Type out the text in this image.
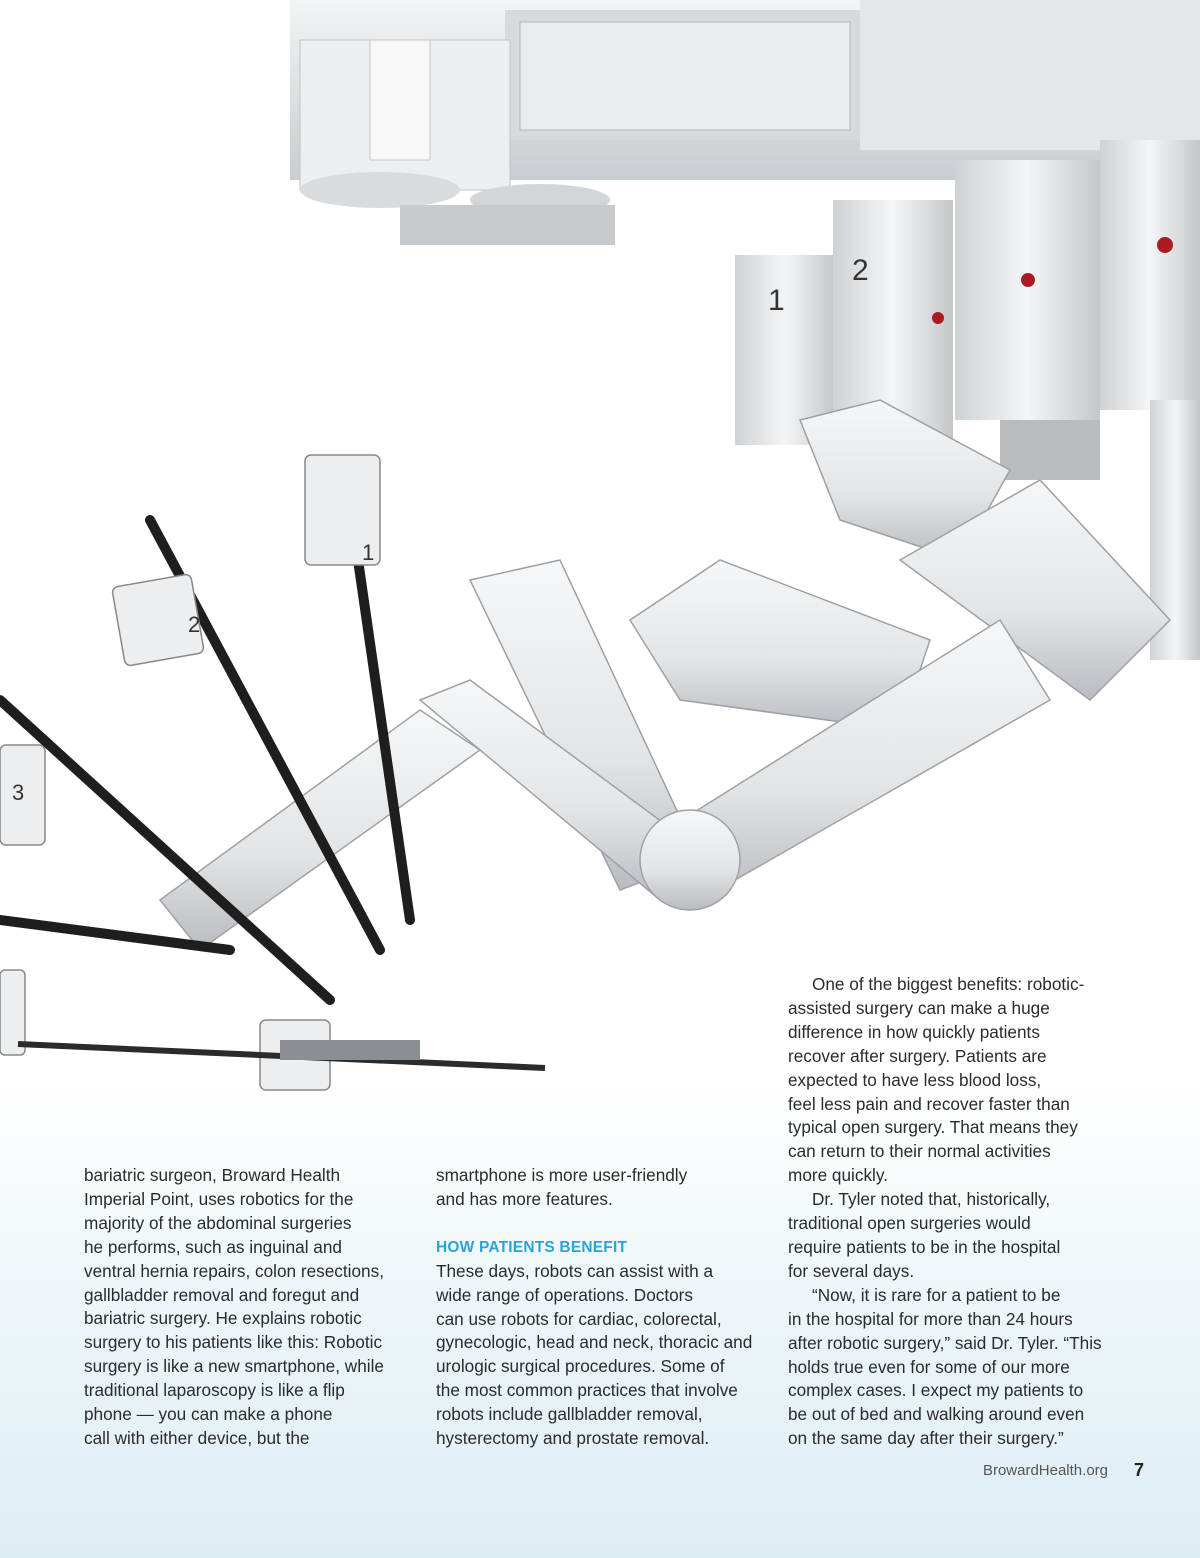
1
2
1
2
3

bariatric surgeon, Broward Health

Imperial Point, uses robotics for the

majority of the abdominal surgeries

he performs, such as inguinal and

ventral hernia repairs, colon resections,

gallbladder removal and foregut and

bariatric surgery. He explains robotic

surgery to his patients like this: Robotic

surgery is like a new smartphone, while

traditional laparoscopy is like a flip

phone — you can make a phone

call with either device, but the

smartphone is more user-friendly

and has more features.

HOW PATIENTS BENEFIT

These days, robots can assist with a

wide range of operations. Doctors

can use robots for cardiac, colorectal,

gynecologic, head and neck, thoracic and

urologic surgical procedures. Some of

the most common practices that involve

robots include gallbladder removal,

hysterectomy and prostate removal.

One of the biggest benefits: robotic-

assisted surgery can make a huge

difference in how quickly patients

recover after surgery. Patients are

expected to have less blood loss,

feel less pain and recover faster than

typical open surgery. That means they

can return to their normal activities

more quickly.

Dr. Tyler noted that, historically,

traditional open surgeries would

require patients to be in the hospital

for several days.

“Now, it is rare for a patient to be

in the hospital for more than 24 hours

after robotic surgery,” said Dr. Tyler. “This

holds true even for some of our more

complex cases. I expect my patients to

be out of bed and walking around even

on the same day after their surgery.”

BrowardHealth.org 7
